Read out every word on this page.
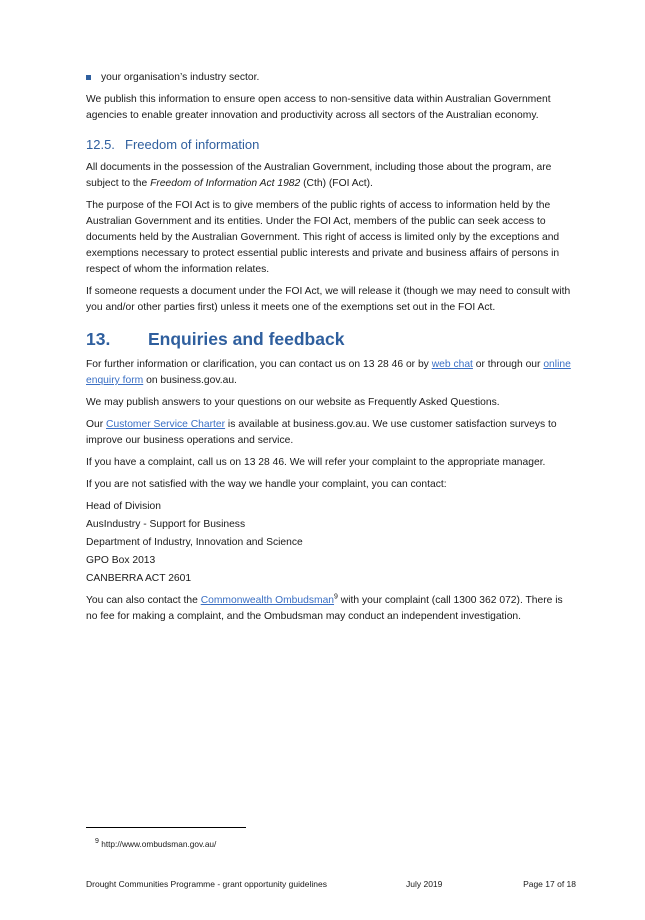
your organisation’s industry sector.

We publish this information to ensure open access to non-sensitive data within Australian Government agencies to enable greater innovation and productivity across all sectors of the Australian economy.

12.5. Freedom of information

All documents in the possession of the Australian Government, including those about the program, are subject to the Freedom of Information Act 1982 (Cth) (FOI Act).

The purpose of the FOI Act is to give members of the public rights of access to information held by the Australian Government and its entities. Under the FOI Act, members of the public can seek access to documents held by the Australian Government. This right of access is limited only by the exceptions and exemptions necessary to protect essential public interests and private and business affairs of persons in respect of whom the information relates.

If someone requests a document under the FOI Act, we will release it (though we may need to consult with you and/or other parties first) unless it meets one of the exemptions set out in the FOI Act.

13. Enquiries and feedback

For further information or clarification, you can contact us on 13 28 46 or by web chat or through our online enquiry form on business.gov.au.

We may publish answers to your questions on our website as Frequently Asked Questions.

Our Customer Service Charter is available at business.gov.au. We use customer satisfaction surveys to improve our business operations and service.

If you have a complaint, call us on 13 28 46. We will refer your complaint to the appropriate manager.

If you are not satisfied with the way we handle your complaint, you can contact:

Head of Division

AusIndustry - Support for Business

Department of Industry, Innovation and Science

GPO Box 2013

CANBERRA ACT 2601

You can also contact the Commonwealth Ombudsman$^9$ with your complaint (call 1300 362 072). There is no fee for making a complaint, and the Ombudsman may conduct an independent investigation.

$^9$ http://www.ombudsman.gov.au/
Drought Communities Programme - grant opportunity guidelines	July 2019	Page 17 of 18
